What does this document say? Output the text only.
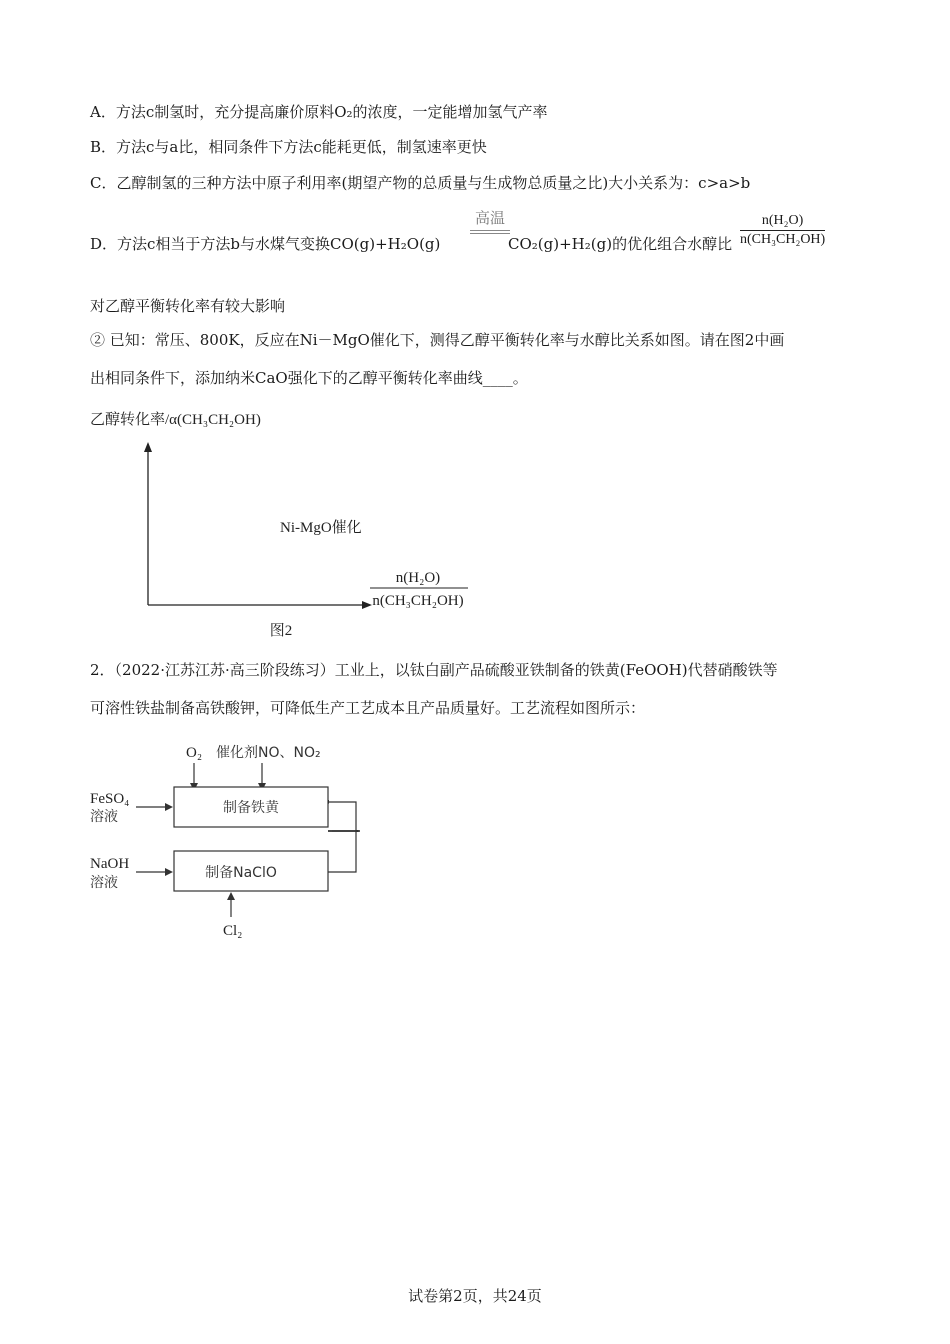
A．方法c制氢时，充分提高廉价原料O₂的浓度，一定能增加氢气产率
B．方法c与a比，相同条件下方法c能耗更低，制氢速率更快
C．乙醇制氢的三种方法中原子利用率(期望产物的总质量与生成物总质量之比)大小关系为：c>a>b
D．方法c相当于方法b与水煤气变换CO(g)+H₂O(g)
高温
CO₂(g)+H₂(g)的优化组合水醇比 $\frac{\text{n(H₂O)}}{\text{n(CH₃CH₂OH)}}$
对乙醇平衡转化率有较大影响
② 已知：常压、800K，反应在Ni－MgO催化下，测得乙醇平衡转化率与水醇比关系如图。请在图2中画
出相同条件下，添加纳米CaO强化下的乙醇平衡转化率曲线____。
乙醇转化率/α(CH₃CH₂OH)
Ni-MgO催化
n(H₂O)
n(CH₃CH₂OH)
图2
2．（2022·江苏江苏·高三阶段练习）工业上，以钛白副产品硫酸亚铁制备的铁黄(FeOOH)代替硝酸铁等
可溶性铁盐制备高铁酸钾，可降低生产工艺成本且产品质量好。工艺流程如图所示：
O₂ 催化剂NO、NO₂
FeSO₄
溶液
制备铁黄
NaOH
溶液
制备NaClO
Cl₂
试卷第2页，共24页
